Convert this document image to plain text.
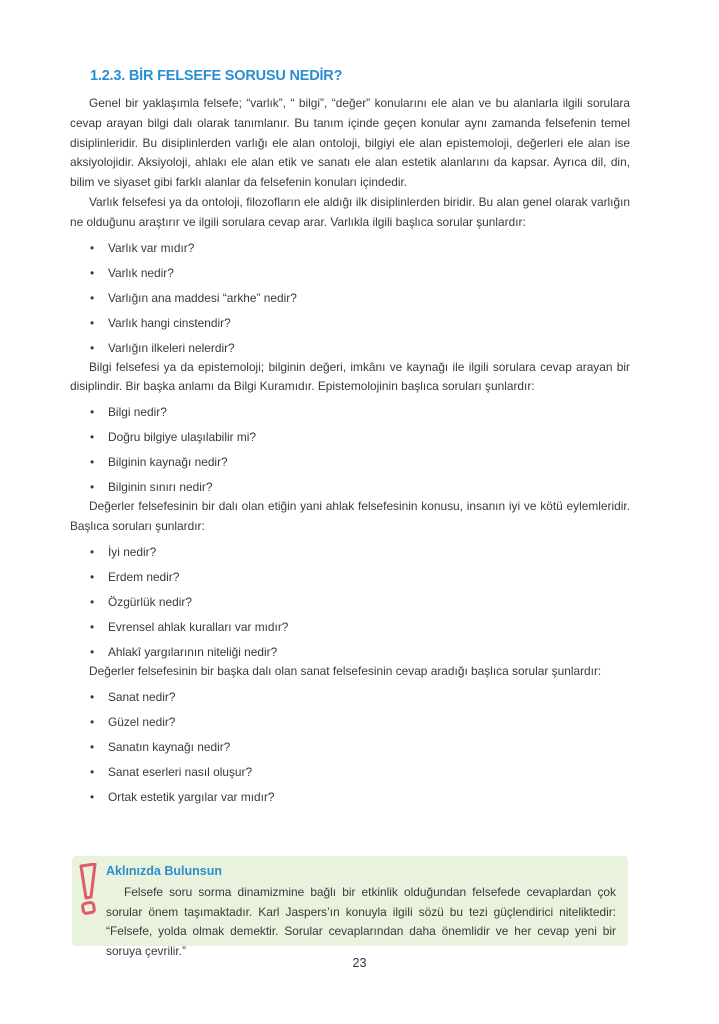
1.2.3. BİR FELSEFE SORUSU NEDİR?

Genel bir yaklaşımla felsefe; “varlık”, “ bilgi”, “değer” konularını ele alan ve bu alanlarla ilgili sorulara cevap arayan bilgi dalı olarak tanımlanır. Bu tanım içinde geçen konular aynı zamanda felsefenin temel disiplinleridir. Bu disiplinlerden varlığı ele alan ontoloji, bilgiyi ele alan epistemoloji, değerleri ele alan ise aksiyolojidir. Aksiyoloji, ahlakı ele alan etik ve sanatı ele alan estetik alanlarını da kapsar. Ayrıca dil, din, bilim ve siyaset gibi farklı alanlar da felsefenin konuları içindedir.

Varlık felsefesi ya da ontoloji, filozofların ele aldığı ilk disiplinlerden biridir. Bu alan genel olarak varlığın ne olduğunu araştırır ve ilgili sorulara cevap arar. Varlıkla ilgili başlıca sorular şunlardır:

• Varlık var mıdır?
• Varlık nedir?
• Varlığın ana maddesi “arkhe” nedir?
• Varlık hangi cinstendir?
• Varlığın ilkeleri nelerdir?

Bilgi felsefesi ya da epistemoloji; bilginin değeri, imkânı ve kaynağı ile ilgili sorulara cevap arayan bir disiplindir. Bir başka anlamı da Bilgi Kuramıdır. Epistemolojinin başlıca soruları şunlardır:

• Bilgi nedir?
• Doğru bilgiye ulaşılabilir mi?
• Bilginin kaynağı nedir?
• Bilginin sınırı nedir?

Değerler felsefesinin bir dalı olan etiğin yani ahlak felsefesinin konusu, insanın iyi ve kötü eylemleridir. Başlıca soruları şunlardır:

• İyi nedir?
• Erdem nedir?
• Özgürlük nedir?
• Evrensel ahlak kuralları var mıdır?
• Ahlakî yargılarının niteliği nedir?

Değerler felsefesinin bir başka dalı olan sanat felsefesinin cevap aradığı başlıca sorular şunlardır:

• Sanat nedir?
• Güzel nedir?
• Sanatın kaynağı nedir?
• Sanat eserleri nasıl oluşur?
• Ortak estetik yargılar var mıdır?
Aklınızda Bulunsun
Felsefe soru sorma dinamizmine bağlı bir etkinlik olduğundan felsefede cevaplardan çok sorular önem taşımaktadır. Karl Jaspers’ın konuyla ilgili sözü bu tezi güçlendirici niteliktedir: “Felsefe, yolda olmak demektir. Sorular cevaplarından daha önemlidir ve her cevap yeni bir soruya çevrilir.”
23
